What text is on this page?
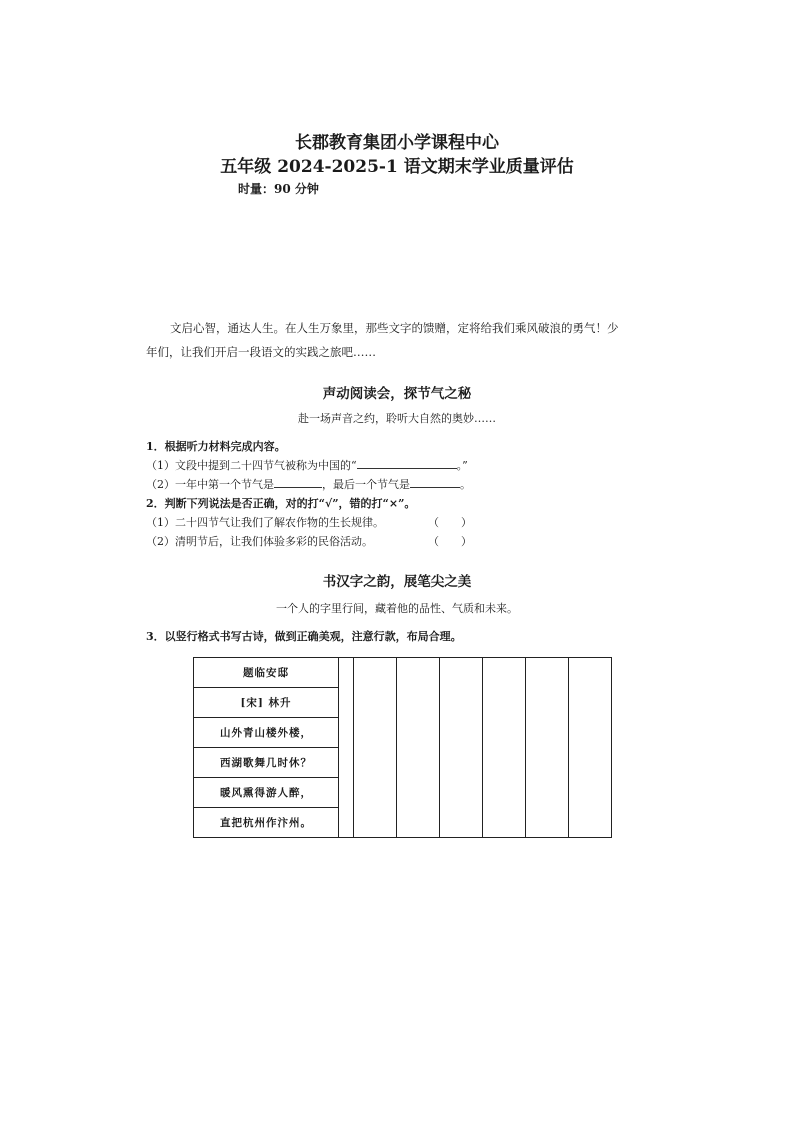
长郡教育集团小学课程中心
五年级 2024-2025-1 语文期末学业质量评估
时量：90 分钟

文启心智，通达人生。在人生万象里，那些文字的馈赠，定将给我们乘风破浪的勇气！少

年们，让我们开启一段语文的实践之旅吧……

声动阅读会，探节气之秘
赴一场声音之约，聆听大自然的奥妙……
1．根据听力材料完成内容。
（1）文段中提到二十四节气被称为中国的“	。”
（2）一年中第一个节气是	，最后一个节气是	。
2．判断下列说法是否正确，对的打“√”，错的打“×”。
（1）二十四节气让我们了解农作物的生长规律。	（　　）
（2）清明节后，让我们体验多彩的民俗活动。	（　　）
书汉字之韵，展笔尖之美
一个人的字里行间，藏着他的品性、气质和未来。
3．以竖行格式书写古诗，做到正确美观，注意行款，布局合理。
题临安邸							
[宋] 林升
山外青山楼外楼，
西湖歌舞几时休？
暖风熏得游人醉，
直把杭州作汴州。
